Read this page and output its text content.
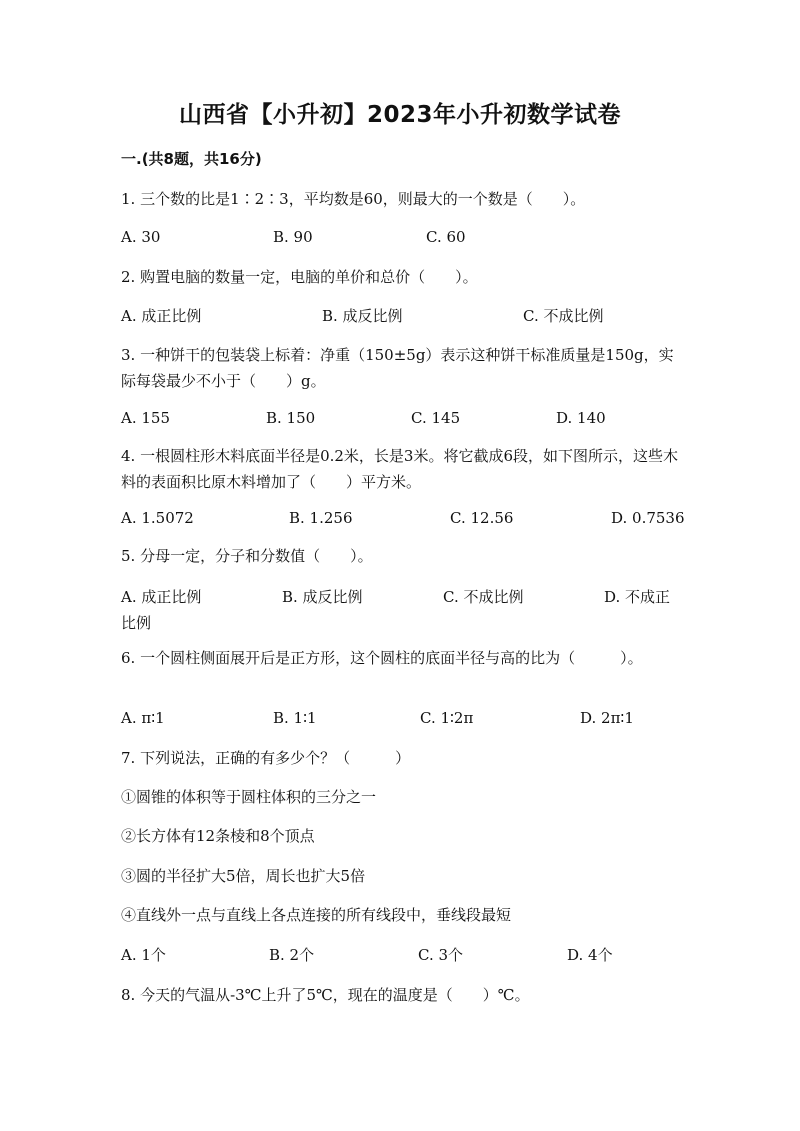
山西省【小升初】2023年小升初数学试卷
一.(共8题，共16分)
1. 三个数的比是1∶2∶3，平均数是60，则最大的一个数是（　　）。
A. 30	B. 90	C. 60
2. 购置电脑的数量一定，电脑的单价和总价（　　）。
A. 成正比例	B. 成反比例	C. 不成比例
3. 一种饼干的包装袋上标着：净重（150±5g）表示这种饼干标准质量是150g，实际每袋最少不小于（　　）g。
A. 155	B. 150	C. 145	D. 140
4. 一根圆柱形木料底面半径是0.2米，长是3米。将它截成6段，如下图所示，这些木料的表面积比原木料增加了（　　）平方米。
A. 1.5072	B. 1.256	C. 12.56	D. 0.7536
5. 分母一定，分子和分数值（　　）。
A. 成正比例	B. 成反比例	C. 不成比例	D. 不成正比例
6. 一个圆柱侧面展开后是正方形，这个圆柱的底面半径与高的比为（　　　）。
A. π∶1	B. 1∶1	C. 1∶2π	D. 2π∶1
7. 下列说法，正确的有多少个？（　　　）
①圆锥的体积等于圆柱体积的三分之一
②长方体有12条棱和8个顶点
③圆的半径扩大5倍，周长也扩大5倍
④直线外一点与直线上各点连接的所有线段中，垂线段最短
A. 1个	B. 2个	C. 3个	D. 4个
8. 今天的气温从-3℃上升了5℃，现在的温度是（　　）℃。
